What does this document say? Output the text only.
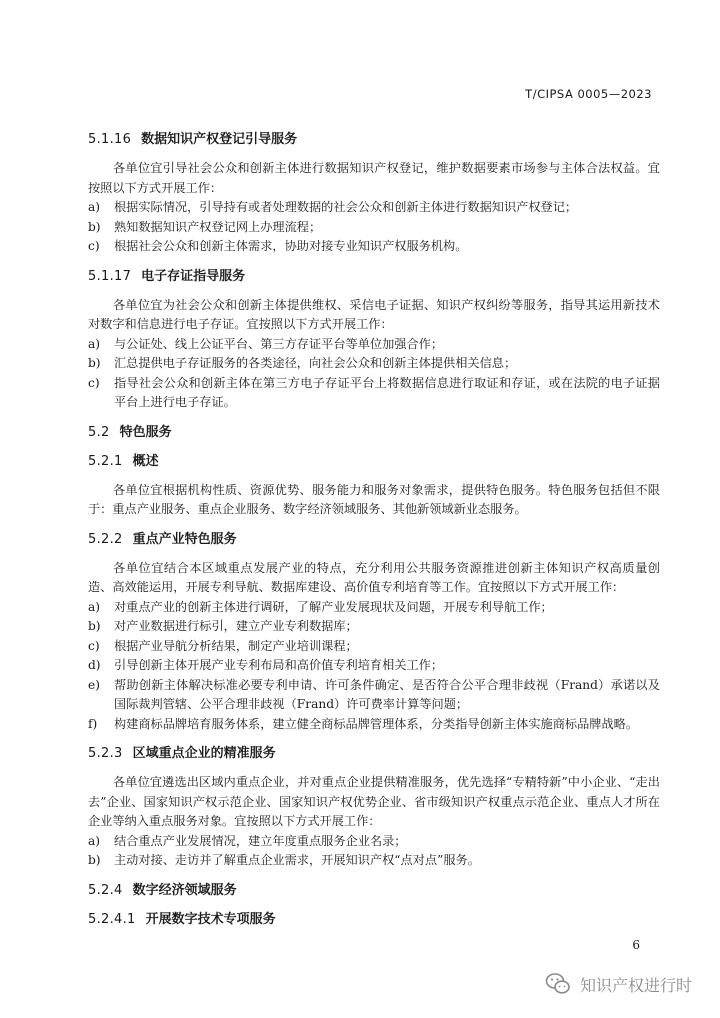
T/CIPSA 0005—2023
5.1.16 数据知识产权登记引导服务

各单位宜引导社会公众和创新主体进行数据知识产权登记，维护数据要素市场参与主体合法权益。宜按照以下方式开展工作：

a)	根据实际情况，引导持有或者处理数据的社会公众和创新主体进行数据知识产权登记；
b)	熟知数据知识产权登记网上办理流程；
c)	根据社会公众和创新主体需求，协助对接专业知识产权服务机构。
5.1.17 电子存证指导服务

各单位宜为社会公众和创新主体提供维权、采信电子证据、知识产权纠纷等服务，指导其运用新技术对数字和信息进行电子存证。宜按照以下方式开展工作：

a)	与公证处、线上公证平台、第三方存证平台等单位加强合作；
b)	汇总提供电子存证服务的各类途径，向社会公众和创新主体提供相关信息；
c)	指导社会公众和创新主体在第三方电子存证平台上将数据信息进行取证和存证，或在法院的电子证据平台上进行电子存证。
5.2 特色服务
5.2.1 概述

各单位宜根据机构性质、资源优势、服务能力和服务对象需求，提供特色服务。特色服务包括但不限于：重点产业服务、重点企业服务、数字经济领域服务、其他新领域新业态服务。

5.2.2 重点产业特色服务

各单位宜结合本区域重点发展产业的特点，充分利用公共服务资源推进创新主体知识产权高质量创造、高效能运用，开展专利导航、数据库建设、高价值专利培育等工作。宜按照以下方式开展工作：

a)	对重点产业的创新主体进行调研，了解产业发展现状及问题，开展专利导航工作；
b)	对产业数据进行标引，建立产业专利数据库；
c)	根据产业导航分析结果，制定产业培训课程；
d)	引导创新主体开展产业专利布局和高价值专利培育相关工作；
e)	帮助创新主体解决标准必要专利申请、许可条件确定、是否符合公平合理非歧视（Frand）承诺以及国际裁判管辖、公平合理非歧视（Frand）许可费率计算等问题；
f)	构建商标品牌培育服务体系，建立健全商标品牌管理体系，分类指导创新主体实施商标品牌战略。
5.2.3 区域重点企业的精准服务

各单位宜遴选出区域内重点企业，并对重点企业提供精准服务，优先选择“专精特新”中小企业、“走出去”企业、国家知识产权示范企业、国家知识产权优势企业、省市级知识产权重点示范企业、重点人才所在企业等纳入重点服务对象。宜按照以下方式开展工作：

a)	结合重点产业发展情况，建立年度重点服务企业名录；
b)	主动对接、走访并了解重点企业需求，开展知识产权“点对点”服务。
5.2.4 数字经济领域服务
5.2.4.1 开展数字技术专项服务
6
知识产权进行时
